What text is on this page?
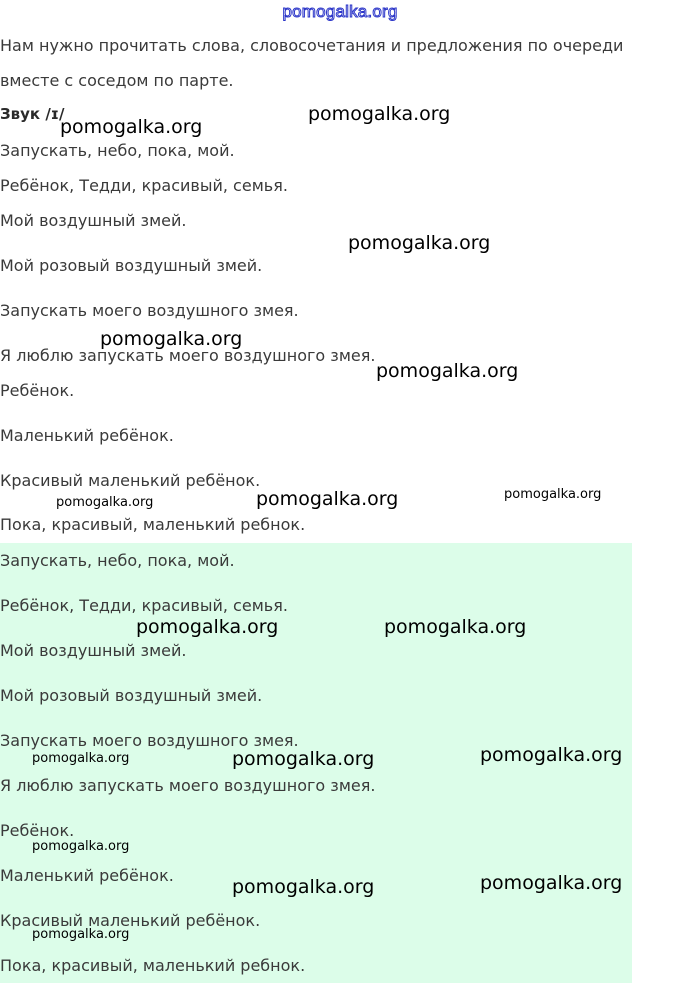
pomogalka.org
Нам нужно прочитать слова, словосочетания и предложения по очереди вместе с соседом по парте.
Звук /ɪ/
Запускать, небо, пока, мой.
Ребёнок, Тедди, красивый, семья.
Мой воздушный змей.
Мой розовый воздушный змей.
Запускать моего воздушного змея.
Я люблю запускать моего воздушного змея.
Ребёнок.
Маленький ребёнок.
Красивый маленький ребёнок.
Пока, красивый, маленький ребнок.
Запускать, небо, пока, мой.
Ребёнок, Тедди, красивый, семья.
Мой воздушный змей.
Мой розовый воздушный змей.
Запускать моего воздушного змея.
Я люблю запускать моего воздушного змея.
Ребёнок.
Маленький ребёнок.
Красивый маленький ребёнок.
Пока, красивый, маленький ребнок.
pomogalka.org
pomogalka.org
pomogalka.org
pomogalka.org
pomogalka.org
pomogalka.org	pomogalka.org	pomogalka.org
pomogalka.org	pomogalka.org
pomogalka.org	pomogalka.org	pomogalka.org
pomogalka.org
pomogalka.org	pomogalka.org
pomogalka.org
